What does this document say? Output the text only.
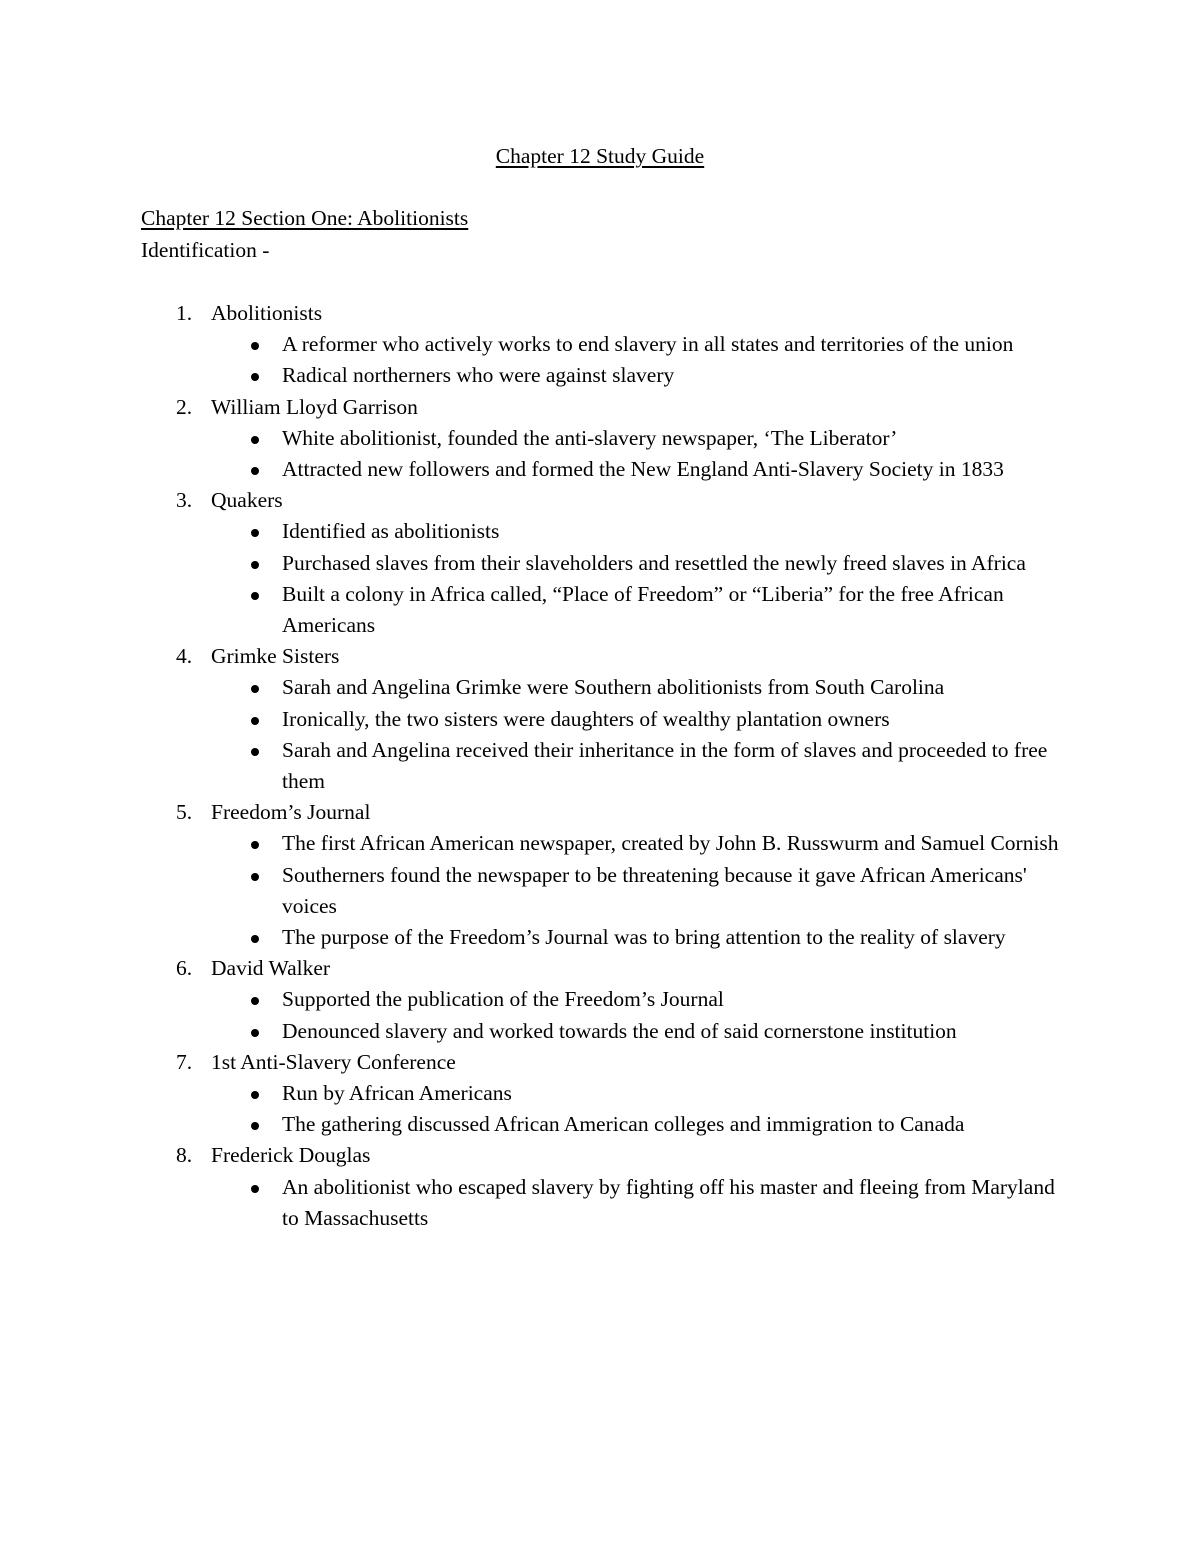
Chapter 12 Study Guide
Chapter 12 Section One: Abolitionists

Identification -

1. Abolitionists
A reformer who actively works to end slavery in all states and territories of the union
Radical northerners who were against slavery
2. William Lloyd Garrison
White abolitionist, founded the anti-slavery newspaper, ‘The Liberator’
Attracted new followers and formed the New England Anti-Slavery Society in 1833
3. Quakers
Identified as abolitionists
Purchased slaves from their slaveholders and resettled the newly freed slaves in Africa
Built a colony in Africa called, “Place of Freedom” or “Liberia” for the free African Americans
4. Grimke Sisters
Sarah and Angelina Grimke were Southern abolitionists from South Carolina
Ironically, the two sisters were daughters of wealthy plantation owners
Sarah and Angelina received their inheritance in the form of slaves and proceeded to free them
5. Freedom’s Journal
The first African American newspaper, created by John B. Russwurm and Samuel Cornish
Southerners found the newspaper to be threatening because it gave African Americans' voices
The purpose of the Freedom’s Journal was to bring attention to the reality of slavery
6. David Walker
Supported the publication of the Freedom’s Journal
Denounced slavery and worked towards the end of said cornerstone institution
7. 1st Anti-Slavery Conference
Run by African Americans
The gathering discussed African American colleges and immigration to Canada
8. Frederick Douglas
An abolitionist who escaped slavery by fighting off his master and fleeing from Maryland to Massachusetts
